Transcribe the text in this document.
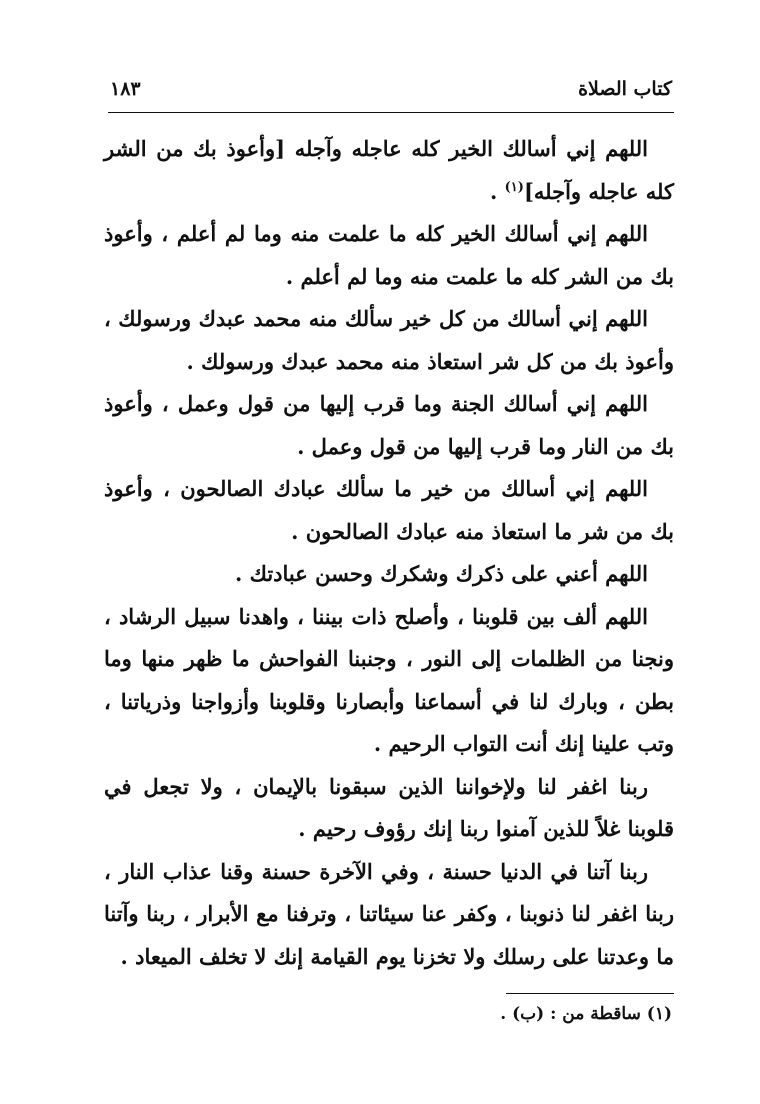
كتاب الصلاة
١٨٣

اللهم إني أسالك الخير كله عاجله وآجله [وأعوذ بك من الشر كله عاجله وآجله]$^{(١)}$ .

اللهم إني أسالك الخير كله ما علمت منه وما لم أعلم ، وأعوذ بك من الشر كله ما علمت منه وما لم أعلم .

اللهم إني أسالك من كل خير سألك منه محمد عبدك ورسولك ، وأعوذ بك من كل شر استعاذ منه محمد عبدك ورسولك .

اللهم إني أسالك الجنة وما قرب إليها من قول وعمل ، وأعوذ بك من النار وما قرب إليها من قول وعمل .

اللهم إني أسالك من خير ما سألك عبادك الصالحون ، وأعوذ بك من شر ما استعاذ منه عبادك الصالحون .

اللهم أعني على ذكرك وشكرك وحسن عبادتك .

اللهم ألف بين قلوبنا ، وأصلح ذات بيننا ، واهدنا سبيل الرشاد ، ونجنا من الظلمات إلى النور ، وجنبنا الفواحش ما ظهر منها وما بطن ، وبارك لنا في أسماعنا وأبصارنا وقلوبنا وأزواجنا وذرياتنا ، وتب علينا إنك أنت التواب الرحيم .

ربنا اغفر لنا ولإخواننا الذين سبقونا بالإيمان ، ولا تجعل في قلوبنا غلاً للذين آمنوا ربنا إنك رؤوف رحيم .

ربنا آتنا في الدنيا حسنة ، وفي الآخرة حسنة وقنا عذاب النار ، ربنا اغفر لنا ذنوبنا ، وكفر عنا سيئاتنا ، وترفنا مع الأبرار ، ربنا وآتنا ما وعدتنا على رسلك ولا تخزنا يوم القيامة إنك لا تخلف الميعاد .

(١) ساقطة من : (ب) .
